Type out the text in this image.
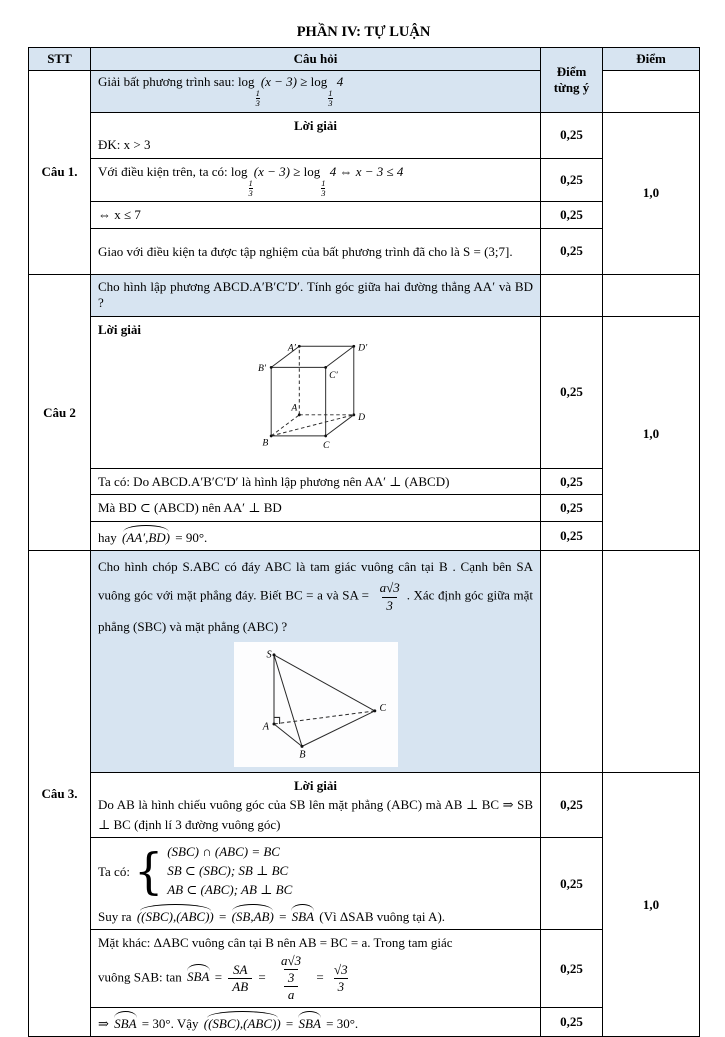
PHẦN IV: TỰ LUẬN
STT	Câu hỏi	Điểm từng ý	Điểm
Câu 1.	Giải bất phương trình sau: log
$\frac{1}{3}$
(x − 3) ≥ log
$\frac{1}{3}$
4	

	Lời giải
ĐK: x > 3	0,25	1,0
Với điều kiện trên, ta có: log
$\frac{1}{3}$
(x − 3) ≥ log
$\frac{1}{3}$
4 ⇔ x − 3 ≤ 4	0,25
	⇔ x ≤ 7	0,25	
	Giao với điều kiện ta được tập nghiệm của bất phương trình đã cho là S = (3;7].	0,25	
Câu 2	Cho hình lập phương ABCD.A′B′C′D′. Tính góc giữa hai đường thẳng AA′ và BD ?		

Lời giải
A′	D′
B′
C′
A
D
B	C
	0,25	1,0
	Ta có: Do ABCD.A′B′C′D′ là hình lập phương nên AA′ ⊥ (ABCD)	0,25	
	Mà BD ⊂ (ABCD) nên AA′ ⊥ BD	0,25	
	hay (AA′,BD) = 90°.	0,25	
Câu 3.	
Cho hình chóp S.ABC có đáy ABC là tam giác vuông cân tại B . Cạnh bên SA vuông góc với mặt phẳng đáy. Biết BC = a và SA = $\frac{a√3}{3}$ . Xác định góc giữa mặt phẳng (SBC) và mặt phẳng (ABC) ?
S
A
B
C

	Lời giải
Do AB là hình chiếu vuông góc của SB lên mặt phẳng (ABC) mà AB ⊥ BC ⇒ SB ⊥ BC (định lí 3 đường vuông góc)	0,25	1,0

Ta có: { (SBC) ∩ (ABC) = BC
SB ⊂ (SBC); SB ⊥ BC
AB ⊂ (ABC); AB ⊥ BC
Suy ra ((SBC),(ABC)) = (SB,AB) = SBA (Vì ΔSAB vuông tại A).
	0,25

Mặt khác: ΔABC vuông cân tại B nên AB = BC = a. Trong tam giác
vuông SAB: tan SBA = $\frac{SA}{AB} = \frac{\frac{a√3}{3}}{a} = \frac{√3}{3}$	0,25
	⇒ SBA = 30°. Vậy ((SBC),(ABC)) = SBA = 30°.	0,25	
